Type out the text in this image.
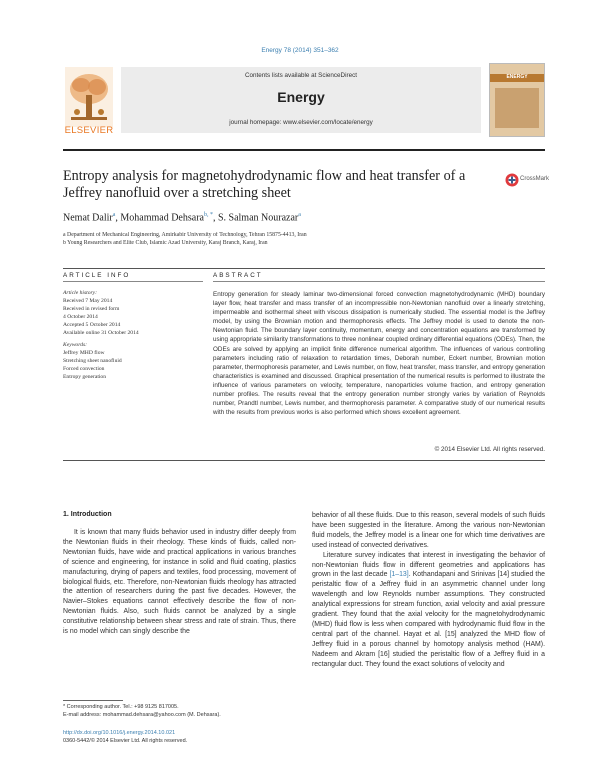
Energy 78 (2014) 351–362
ELSEVIER
Contents lists available at ScienceDirect
Energy
journal homepage: www.elsevier.com/locate/energy
ENERGY
Entropy analysis for magnetohydrodynamic flow and heat transfer of a Jeffrey nanofluid over a stretching sheet
CrossMark
Nemat Dalir$^a$, Mohammad Dehsara$^{b, *}$, S. Salman Nourazar$^a$
a Department of Mechanical Engineering, Amirkabir University of Technology, Tehran 15875-4413, Iran
b Young Researchers and Elite Club, Islamic Azad University, Karaj Branch, Karaj, Iran
ARTICLE INFO	ABSTRACT
Article history:
Received 7 May 2014
Received in revised form
4 October 2014
Accepted 5 October 2014
Available online 31 October 2014
Keywords:
Jeffrey MHD flow
Stretching sheet nanofluid
Forced convection
Entropy generation
Entropy generation for steady laminar two-dimensional forced convection magnetohydrodynamic (MHD) boundary layer flow, heat transfer and mass transfer of an incompressible non-Newtonian nanofluid over a linearly stretching, impermeable and isothermal sheet with viscous dissipation is numerically studied. The essential model is the Jeffrey model, by using the Brownian motion and thermophoresis effects. The Jeffrey model is used to denote the non-Newtonian fluid. The boundary layer continuity, momentum, energy and concentration equations are transformed by using appropriate similarity transformations to three nonlinear coupled ordinary differential equations (ODEs). Then, the ODEs are solved by applying an implicit finite difference numerical algorithm. The influences of various controlling parameters including ratio of relaxation to retardation times, Deborah number, Eckert number, Brownian motion parameter, thermophoresis parameter, and Lewis number, on flow, heat transfer, mass transfer, and entropy generation characteristics is examined and discussed. Graphical presentation of the numerical results is performed to illustrate the influence of various parameters on velocity, temperature, nanoparticles volume fraction, and entropy generation number profiles. The results reveal that the entropy generation number strongly varies by variation of Reynolds number, Prandtl number, Lewis number, and thermophoresis parameter. A comparative study of our numerical results with the results from previous works is also performed which shows excellent agreement.
© 2014 Elsevier Ltd. All rights reserved.
1. Introduction

It is known that many fluids behavior used in industry differ deeply from the Newtonian fluids in their rheology. These kinds of fluids, called non-Newtonian fluids, have wide and practical applications in various branches of science and engineering, for instance in solid and fluid coating, plastics manufacturing, drying of papers and textiles, food processing, movement of biological fluids, etc. Therefore, non-Newtonian fluids rheology has attracted the attention of researchers during the past five decades. However, the Navier–Stokes equations cannot effectively describe the flow of non-Newtonian fluids. Also, such fluids cannot be analyzed by a single constitutive relationship between shear stress and rate of strain. Thus, there is no model which can singly describe the

behavior of all these fluids. Due to this reason, several models of such fluids have been suggested in the literature. Among the various non-Newtonian fluid models, the Jeffrey model is a linear one for which time derivatives are used instead of convected derivatives.

Literature survey indicates that interest in investigating the behavior of non-Newtonian fluids flow in different geometries and applications has grown in the last decade [1–13]. Kothandapani and Srinivas [14] studied the peristaltic flow of a Jeffrey fluid in an asymmetric channel under long wavelength and low Reynolds number assumptions. They constructed analytical expressions for stream function, axial velocity and axial pressure gradient. They found that the axial velocity for the magnetohydrodynamic (MHD) fluid flow is less when compared with hydrodynamic fluid flow in the central part of the channel. Hayat et al. [15] analyzed the MHD flow of Jeffrey fluid in a porous channel by homotopy analysis method (HAM). Nadeem and Akram [16] studied the peristaltic flow of a Jeffrey fluid in a rectangular duct. They found the exact solutions of velocity and

* Corresponding author. Tel.: +98 9125 817005.
E-mail address: mohammad.dehsara@yahoo.com (M. Dehsara).
http://dx.doi.org/10.1016/j.energy.2014.10.021
0360-5442/© 2014 Elsevier Ltd. All rights reserved.
